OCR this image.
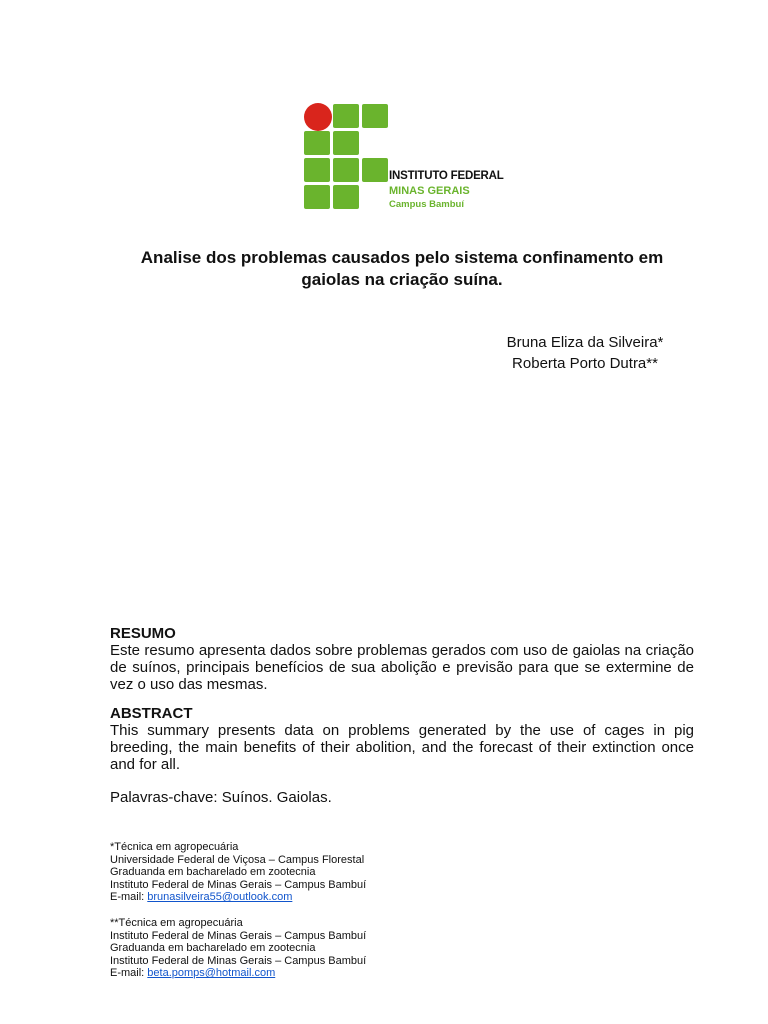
INSTITUTO FEDERAL
MINAS GERAIS
Campus Bambuí
Analise dos problemas causados pelo sistema confinamento em gaiolas na criação suína.
Bruna Eliza da Silveira*
Roberta Porto Dutra**
RESUMO

Este resumo apresenta dados sobre problemas gerados com uso de gaiolas na criação de suínos, principais benefícios de sua abolição e previsão para que se extermine de vez o uso das mesmas.

ABSTRACT

This summary presents data on problems generated by the use of cages in pig breeding, the main benefits of their abolition, and the forecast of their extinction once and for all.

Palavras-chave: Suínos. Gaiolas.
*Técnica em agropecuária
Universidade Federal de Viçosa – Campus Florestal
Graduanda em bacharelado em zootecnia
Instituto Federal de Minas Gerais – Campus Bambuí
E-mail: brunasilveira55@outlook.com
**Técnica em agropecuária
Instituto Federal de Minas Gerais – Campus Bambuí
Graduanda em bacharelado em zootecnia
Instituto Federal de Minas Gerais – Campus Bambuí
E-mail: beta.pomps@hotmail.com
